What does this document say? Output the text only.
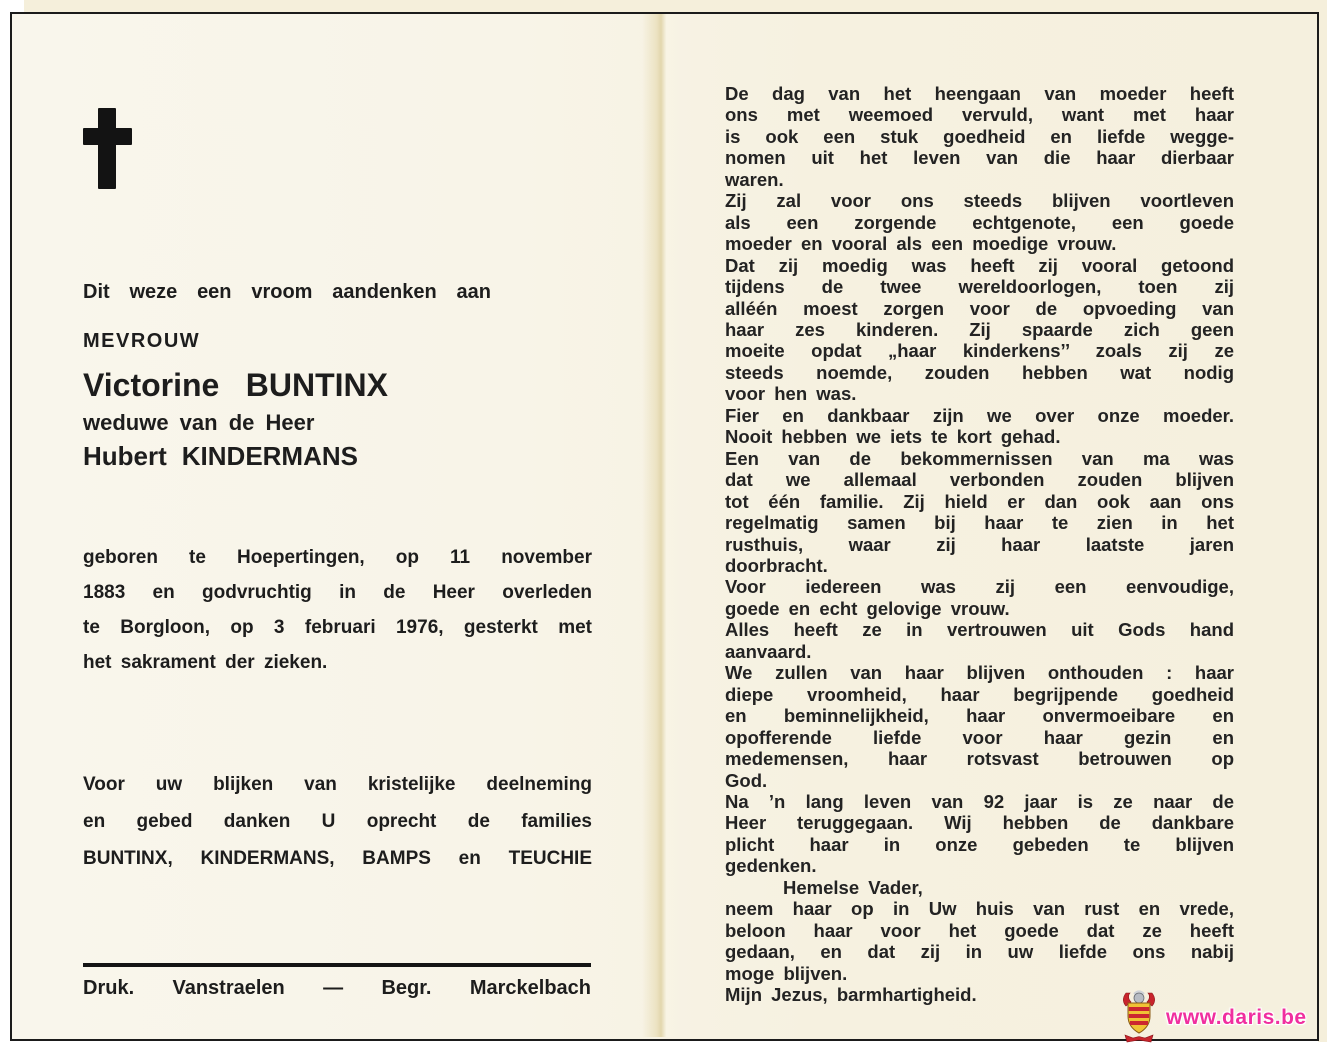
Dit weze een vroom aandenken aan
MEVROUW
Victorine BUNTINX
weduwe van de Heer
Hubert KINDERMANS
geboren te Hoepertingen, op 11 november
1883 en godvruchtig in de Heer overleden
te Borgloon, op 3 februari 1976, gesterkt met
het sakrament der zieken.
Voor uw blijken van kristelijke deelneming
en gebed danken U oprecht de families
BUNTINX, KINDERMANS, BAMPS en TEUCHIE
Druk. Vanstraelen — Begr. Marckelbach
De dag van het heengaan van moeder heeft
ons met weemoed vervuld, want met haar
is ook een stuk goedheid en liefde wegge-
nomen uit het leven van die haar dierbaar
waren.
Zij zal voor ons steeds blijven voortleven
als een zorgende echtgenote, een goede
moeder en vooral als een moedige vrouw.
Dat zij moedig was heeft zij vooral getoond
tijdens de twee wereldoorlogen, toen zij
alléén moest zorgen voor de opvoeding van
haar zes kinderen. Zij spaarde zich geen
moeite opdat „haar kinderkens’’ zoals zij ze
steeds noemde, zouden hebben wat nodig
voor hen was.
Fier en dankbaar zijn we over onze moeder.
Nooit hebben we iets te kort gehad.
Een van de bekommernissen van ma was
dat we allemaal verbonden zouden blijven
tot één familie. Zij hield er dan ook aan ons
regelmatig samen bij haar te zien in het
rusthuis, waar zij haar laatste jaren
doorbracht.
Voor iedereen was zij een eenvoudige,
goede en echt gelovige vrouw.
Alles heeft ze in vertrouwen uit Gods hand
aanvaard.
We zullen van haar blijven onthouden : haar
diepe vroomheid, haar begrijpende goedheid
en beminnelijkheid, haar onvermoeibare en
opofferende liefde voor haar gezin en
medemensen, haar rotsvast betrouwen op
God.
Na ’n lang leven van 92 jaar is ze naar de
Heer teruggegaan. Wij hebben de dankbare
plicht haar in onze gebeden te blijven
gedenken.
Hemelse Vader,
neem haar op in Uw huis van rust en vrede,
beloon haar voor het goede dat ze heeft
gedaan, en dat zij in uw liefde ons nabij
moge blijven.
Mijn Jezus, barmhartigheid.
www.daris.be
